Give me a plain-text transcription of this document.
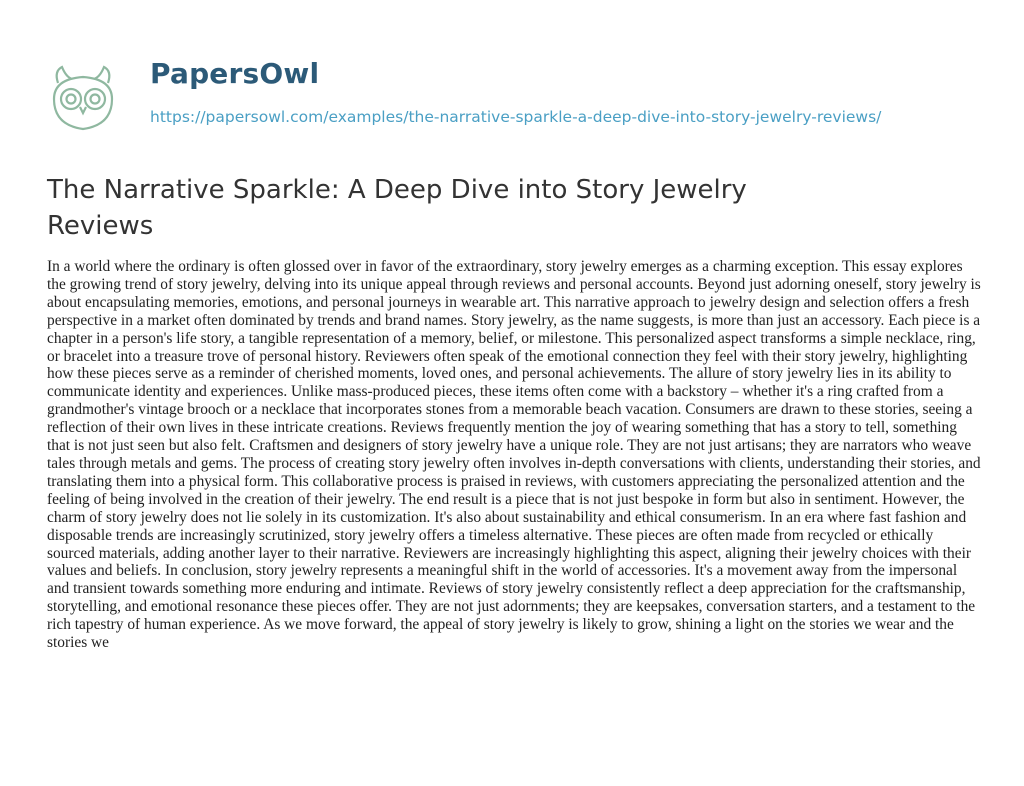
PapersOwl
https://papersowl.com/examples/the-narrative-sparkle-a-deep-dive-into-story-jewelry-reviews/
The Narrative Sparkle: A Deep Dive into Story Jewelry Reviews

In a world where the ordinary is often glossed over in favor of the extraordinary, story jewelry emerges as a charming exception. This essay explores the growing trend of story jewelry, delving into its unique appeal through reviews and personal accounts. Beyond just adorning oneself, story jewelry is about encapsulating memories, emotions, and personal journeys in wearable art. This narrative approach to jewelry design and selection offers a fresh perspective in a market often dominated by trends and brand names. Story jewelry, as the name suggests, is more than just an accessory. Each piece is a chapter in a person's life story, a tangible representation of a memory, belief, or milestone. This personalized aspect transforms a simple necklace, ring, or bracelet into a treasure trove of personal history. Reviewers often speak of the emotional connection they feel with their story jewelry, highlighting how these pieces serve as a reminder of cherished moments, loved ones, and personal achievements. The allure of story jewelry lies in its ability to communicate identity and experiences. Unlike mass-produced pieces, these items often come with a backstory – whether it's a ring crafted from a grandmother's vintage brooch or a necklace that incorporates stones from a memorable beach vacation. Consumers are drawn to these stories, seeing a reflection of their own lives in these intricate creations. Reviews frequently mention the joy of wearing something that has a story to tell, something that is not just seen but also felt. Craftsmen and designers of story jewelry have a unique role. They are not just artisans; they are narrators who weave tales through metals and gems. The process of creating story jewelry often involves in-depth conversations with clients, understanding their stories, and translating them into a physical form. This collaborative process is praised in reviews, with customers appreciating the personalized attention and the feeling of being involved in the creation of their jewelry. The end result is a piece that is not just bespoke in form but also in sentiment. However, the charm of story jewelry does not lie solely in its customization. It's also about sustainability and ethical consumerism. In an era where fast fashion and disposable trends are increasingly scrutinized, story jewelry offers a timeless alternative. These pieces are often made from recycled or ethically sourced materials, adding another layer to their narrative. Reviewers are increasingly highlighting this aspect, aligning their jewelry choices with their values and beliefs. In conclusion, story jewelry represents a meaningful shift in the world of accessories. It's a movement away from the impersonal and transient towards something more enduring and intimate. Reviews of story jewelry consistently reflect a deep appreciation for the craftsmanship, storytelling, and emotional resonance these pieces offer. They are not just adornments; they are keepsakes, conversation starters, and a testament to the rich tapestry of human experience. As we move forward, the appeal of story jewelry is likely to grow, shining a light on the stories we wear and the stories we
